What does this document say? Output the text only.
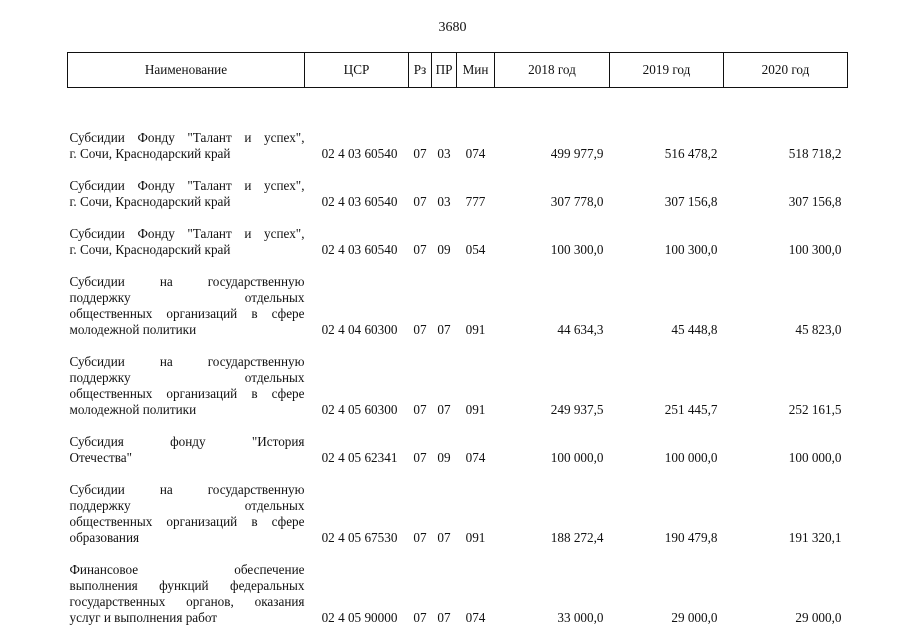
3680
Наименование	ЦСР	Рз	ПР	Мин	2018 год	2019 год	2020 год

Субсидии Фонду "Талант и успех",
г. Сочи, Краснодарский край	02 4 03 60540	07	03	074	499 977,9	516 478,2	518 718,2

Субсидии Фонду "Талант и успех",
г. Сочи, Краснодарский край	02 4 03 60540	07	03	777	307 778,0	307 156,8	307 156,8

Субсидии Фонду "Талант и успех",
г. Сочи, Краснодарский край	02 4 03 60540	07	09	054	100 300,0	100 300,0	100 300,0

Субсидии на государственную
поддержку отдельных
общественных организаций в сфере
молодежной политики	02 4 04 60300	07	07	091	44 634,3	45 448,8	45 823,0

Субсидии на государственную
поддержку отдельных
общественных организаций в сфере
молодежной политики	02 4 05 60300	07	07	091	249 937,5	251 445,7	252 161,5

Субсидия фонду "История
Отечества"	02 4 05 62341	07	09	074	100 000,0	100 000,0	100 000,0

Субсидии на государственную
поддержку отдельных
общественных организаций в сфере
образования	02 4 05 67530	07	07	091	188 272,4	190 479,8	191 320,1

Финансовое обеспечение
выполнения функций федеральных
государственных органов, оказания
услуг и выполнения работ	02 4 05 90000	07	07	074	33 000,0	29 000,0	29 000,0
